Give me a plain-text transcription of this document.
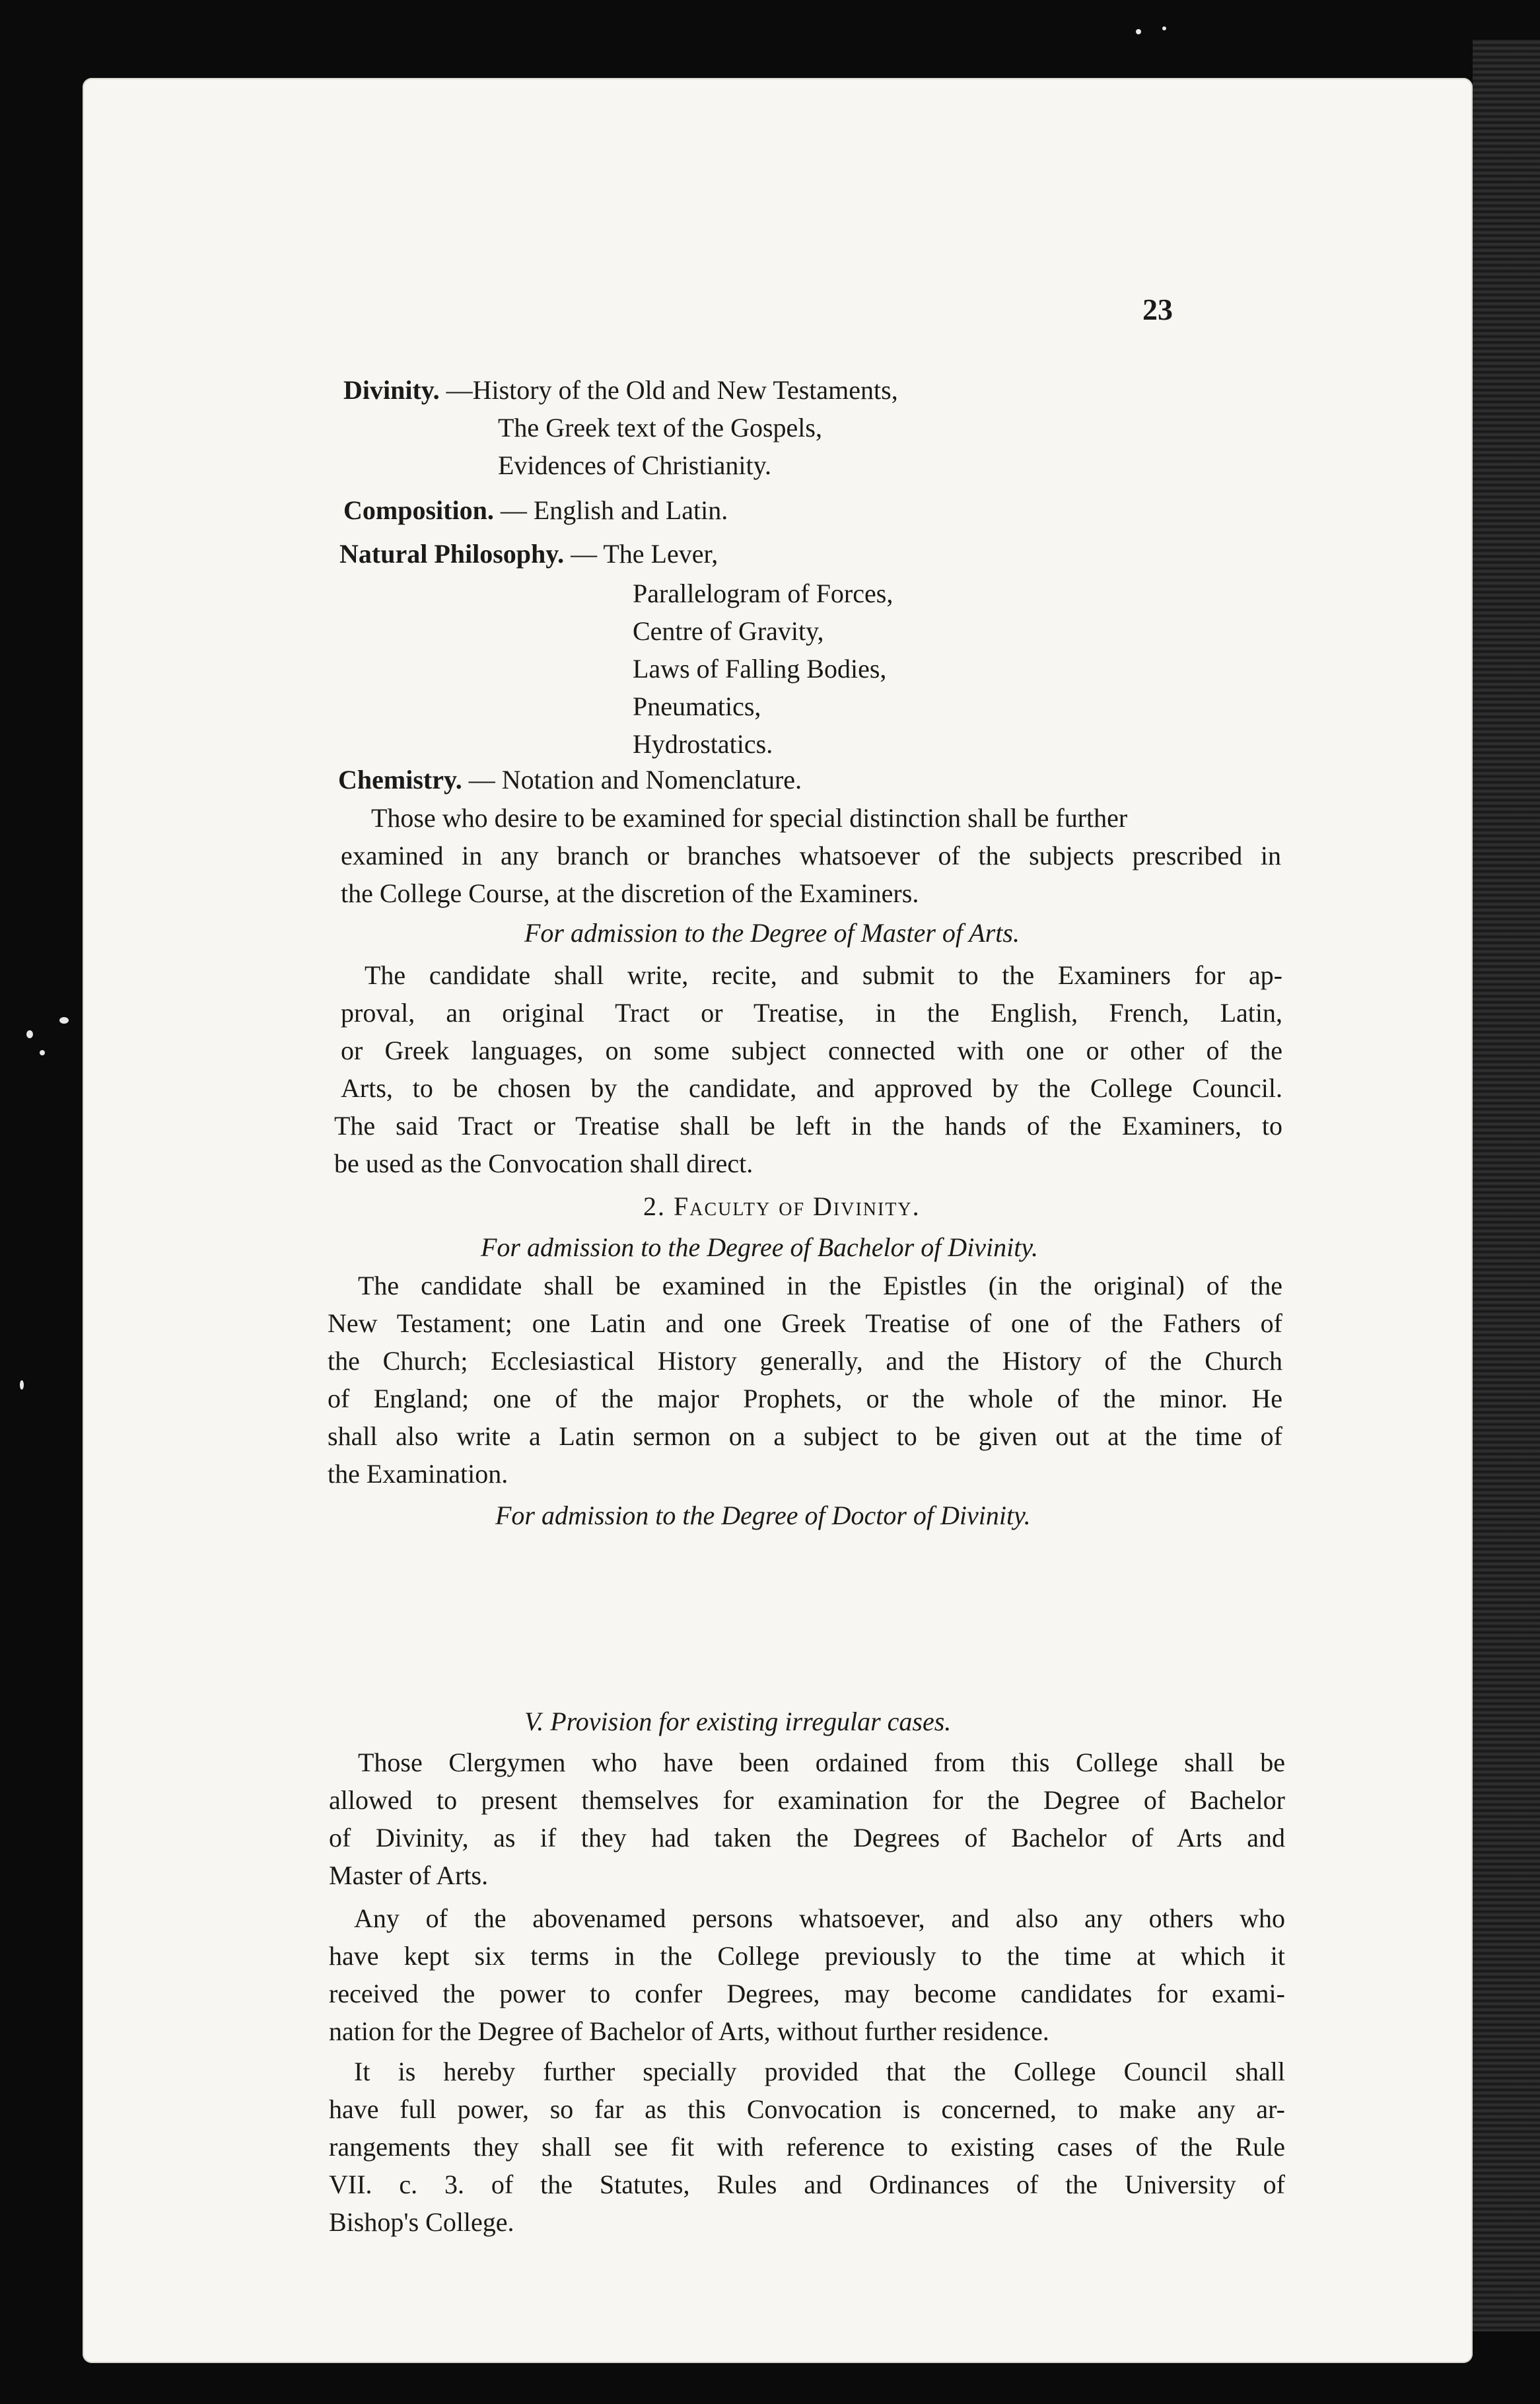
23
Divinity. —History of the Old and New Testaments,
The Greek text of the Gospels,
Evidences of Christianity.
Composition. — English and Latin.
Natural Philosophy. — The Lever,
Parallelogram of Forces,
Centre of Gravity,
Laws of Falling Bodies,
Pneumatics,
Hydrostatics.
Chemistry. — Notation and Nomenclature.
Those who desire to be examined for special distinction shall be further
examined in any branch or branches whatsoever of the subjects prescribed in
the College Course, at the discretion of the Examiners.
For admission to the Degree of Master of Arts.
The candidate shall write, recite, and submit to the Examiners for ap-
proval, an original Tract or Treatise, in the English, French, Latin,
or Greek languages, on some subject connected with one or other of the
Arts, to be chosen by the candidate, and approved by the College Council.
The said Tract or Treatise shall be left in the hands of the Examiners, to
be used as the Convocation shall direct.
2. Faculty of Divinity.
For admission to the Degree of Bachelor of Divinity.
The candidate shall be examined in the Epistles (in the original) of the
New Testament; one Latin and one Greek Treatise of one of the Fathers of
the Church; Ecclesiastical History generally, and the History of the Church
of England; one of the major Prophets, or the whole of the minor. He
shall also write a Latin sermon on a subject to be given out at the time of
the Examination.
For admission to the Degree of Doctor of Divinity.
V. Provision for existing irregular cases.
Those Clergymen who have been ordained from this College shall be
allowed to present themselves for examination for the Degree of Bachelor
of Divinity, as if they had taken the Degrees of Bachelor of Arts and
Master of Arts.
Any of the abovenamed persons whatsoever, and also any others who
have kept six terms in the College previously to the time at which it
received the power to confer Degrees, may become candidates for exami-
nation for the Degree of Bachelor of Arts, without further residence.
It is hereby further specially provided that the College Council shall
have full power, so far as this Convocation is concerned, to make any ar-
rangements they shall see fit with reference to existing cases of the Rule
VII. c. 3. of the Statutes, Rules and Ordinances of the University of
Bishop's College.
